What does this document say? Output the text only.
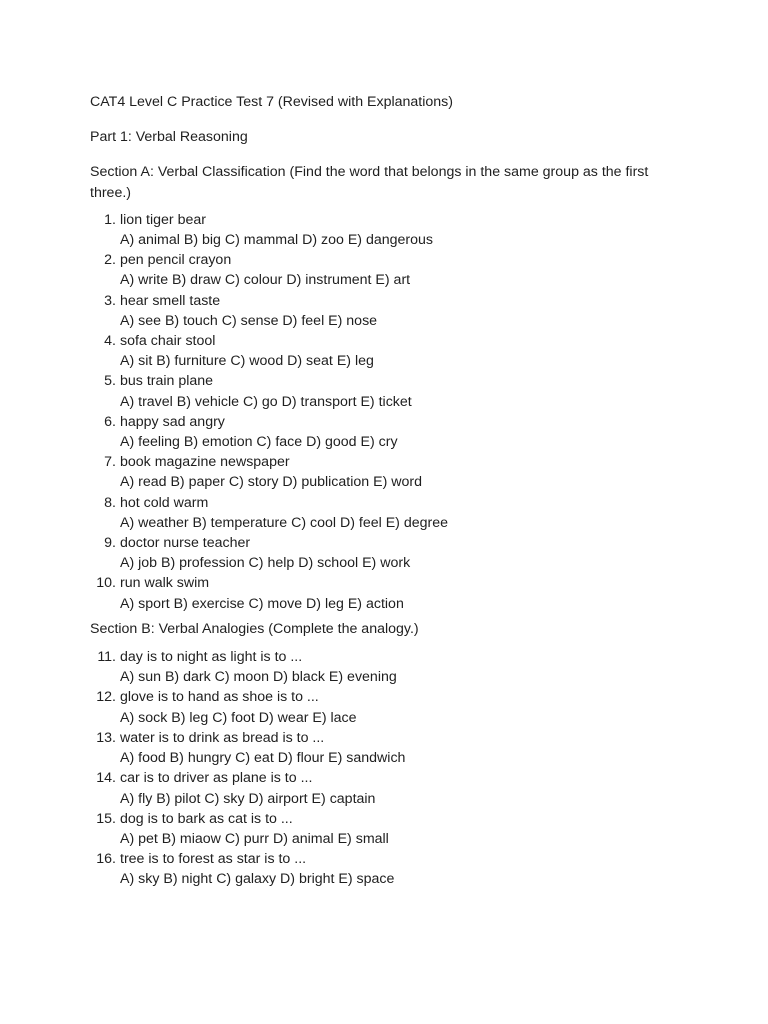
CAT4 Level C Practice Test 7 (Revised with Explanations)

Part 1: Verbal Reasoning

Section A: Verbal Classification (Find the word that belongs in the same group as the first three.)

1. lion tiger bear
A) animal B) big C) mammal D) zoo E) dangerous
2. pen pencil crayon
A) write B) draw C) colour D) instrument E) art
3. hear smell taste
A) see B) touch C) sense D) feel E) nose
4. sofa chair stool
A) sit B) furniture C) wood D) seat E) leg
5. bus train plane
A) travel B) vehicle C) go D) transport E) ticket
6. happy sad angry
A) feeling B) emotion C) face D) good E) cry
7. book magazine newspaper
A) read B) paper C) story D) publication E) word
8. hot cold warm
A) weather B) temperature C) cool D) feel E) degree
9. doctor nurse teacher
A) job B) profession C) help D) school E) work
10. run walk swim
A) sport B) exercise C) move D) leg E) action

Section B: Verbal Analogies (Complete the analogy.)

11. day is to night as light is to ...
A) sun B) dark C) moon D) black E) evening
12. glove is to hand as shoe is to ...
A) sock B) leg C) foot D) wear E) lace
13. water is to drink as bread is to ...
A) food B) hungry C) eat D) flour E) sandwich
14. car is to driver as plane is to ...
A) fly B) pilot C) sky D) airport E) captain
15. dog is to bark as cat is to ...
A) pet B) miaow C) purr D) animal E) small
16. tree is to forest as star is to ...
A) sky B) night C) galaxy D) bright E) space
